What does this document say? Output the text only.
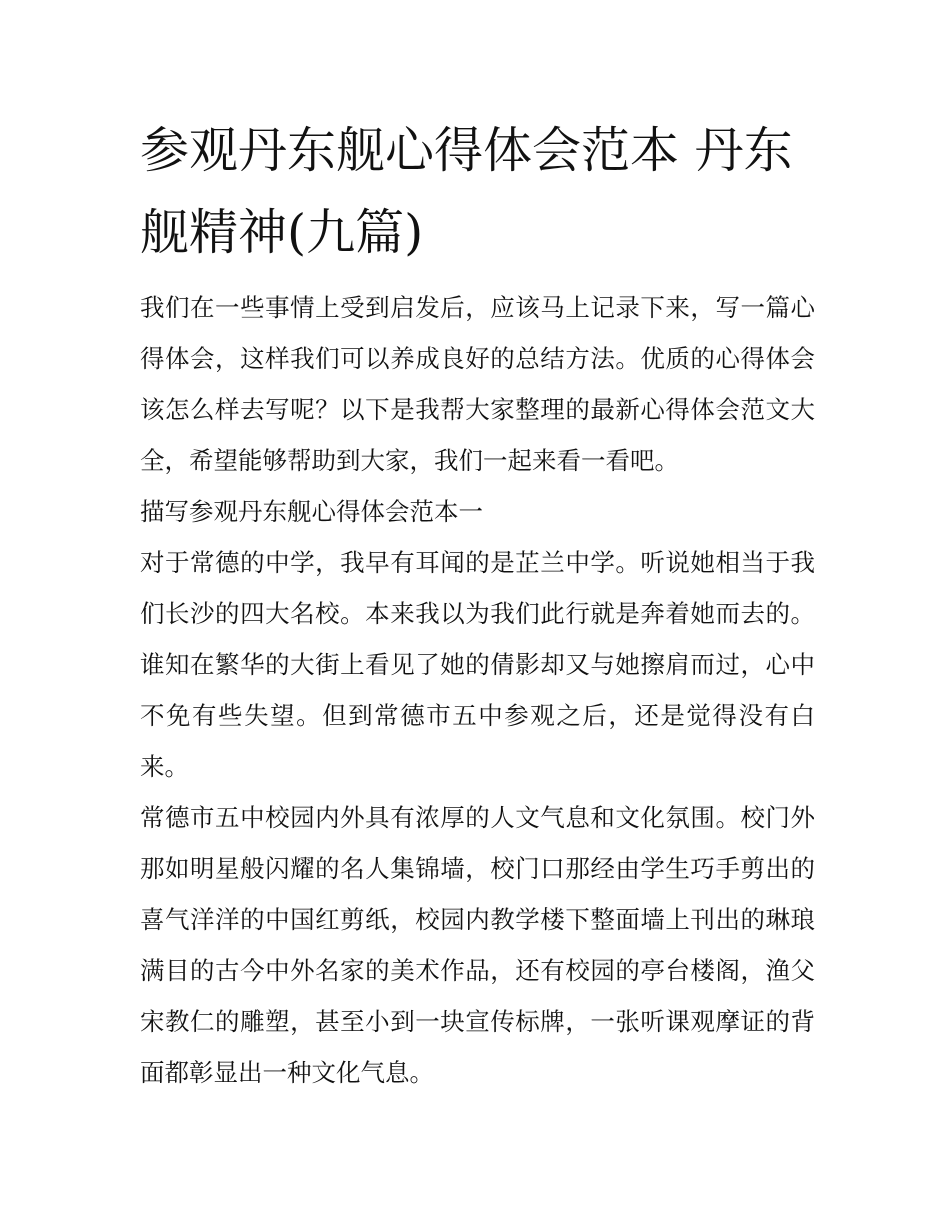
参观丹东舰心得体会范本 丹东舰精神(九篇)

我们在一些事情上受到启发后，应该马上记录下来，写一篇心得体会，这样我们可以养成良好的总结方法。优质的心得体会该怎么样去写呢？以下是我帮大家整理的最新心得体会范文大全，希望能够帮助到大家，我们一起来看一看吧。

描写参观丹东舰心得体会范本一

对于常德的中学，我早有耳闻的是芷兰中学。听说她相当于我们长沙的四大名校。本来我以为我们此行就是奔着她而去的。谁知在繁华的大街上看见了她的倩影却又与她擦肩而过，心中不免有些失望。但到常德市五中参观之后，还是觉得没有白来。

常德市五中校园内外具有浓厚的人文气息和文化氛围。校门外那如明星般闪耀的名人集锦墙，校门口那经由学生巧手剪出的喜气洋洋的中国红剪纸，校园内教学楼下整面墙上刊出的琳琅满目的古今中外名家的美术作品，还有校园的亭台楼阁，渔父宋教仁的雕塑，甚至小到一块宣传标牌，一张听课观摩证的背面都彰显出一种文化气息。
